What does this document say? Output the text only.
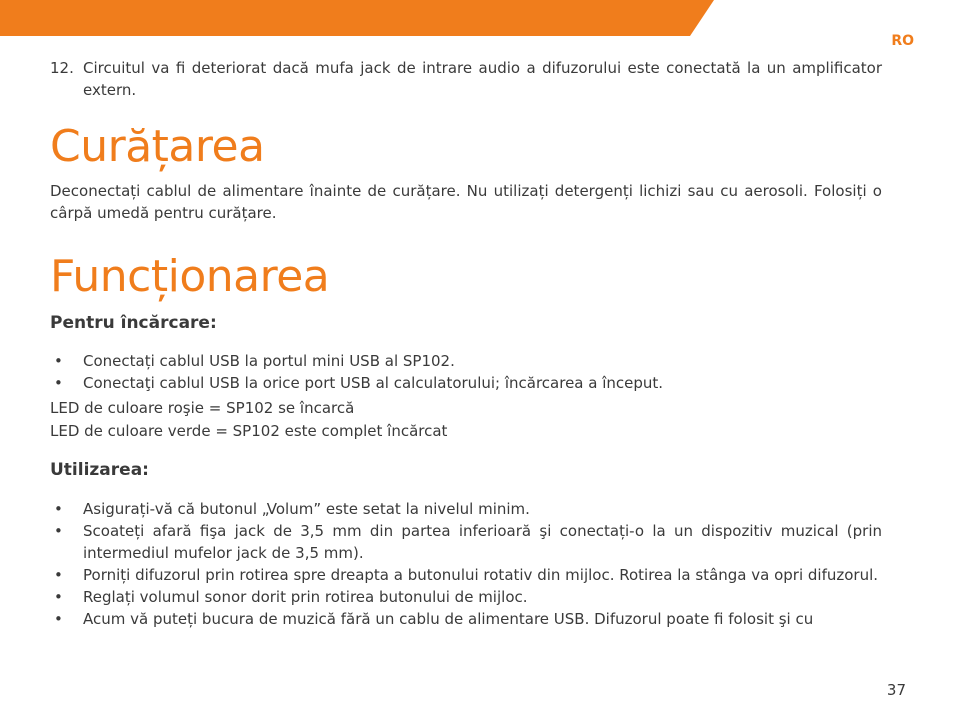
RO
12. Circuitul va fi deteriorat dacă mufa jack de intrare audio a difuzorului este conectată la un amplificator extern.
Curățarea

Deconectați cablul de alimentare înainte de curățare. Nu utilizați detergenți lichizi sau cu aerosoli. Folosiți o cârpă umedă pentru curățare.

Funcționarea

Pentru încărcare:

• Conectați cablul USB la portul mini USB al SP102.
• Conectaţi cablul USB la orice port USB al calculatorului; încărcarea a început.

LED de culoare roşie = SP102 se încarcă

LED de culoare verde = SP102 este complet încărcat

Utilizarea:

• Asigurați-vă că butonul „Volum” este setat la nivelul minim.
• Scoateți afară fişa jack de 3,5 mm din partea inferioară şi conectați-o la un dispozitiv muzical (prin intermediul mufelor jack de 3,5 mm).
• Porniți difuzorul prin rotirea spre dreapta a butonului rotativ din mijloc. Rotirea la stânga va opri difuzorul.
• Reglați volumul sonor dorit prin rotirea butonului de mijloc.
• Acum vă puteți bucura de muzică fără un cablu de alimentare USB. Difuzorul poate fi folosit şi cu
37
